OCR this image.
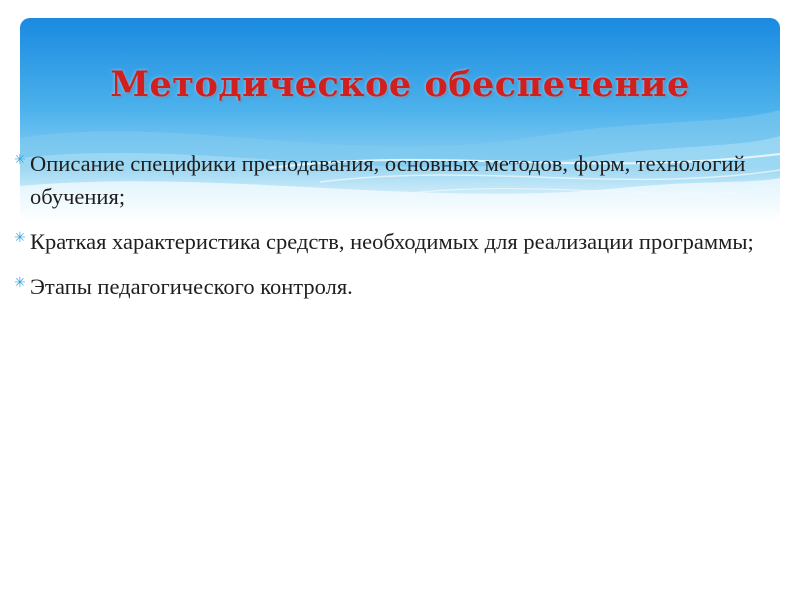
Методическое обеспечение
✳ Описание специфики преподавания, основных методов, форм, технологий обучения;
✳ Краткая характеристика средств, необходимых для реализации программы;
✳ Этапы педагогического контроля.
